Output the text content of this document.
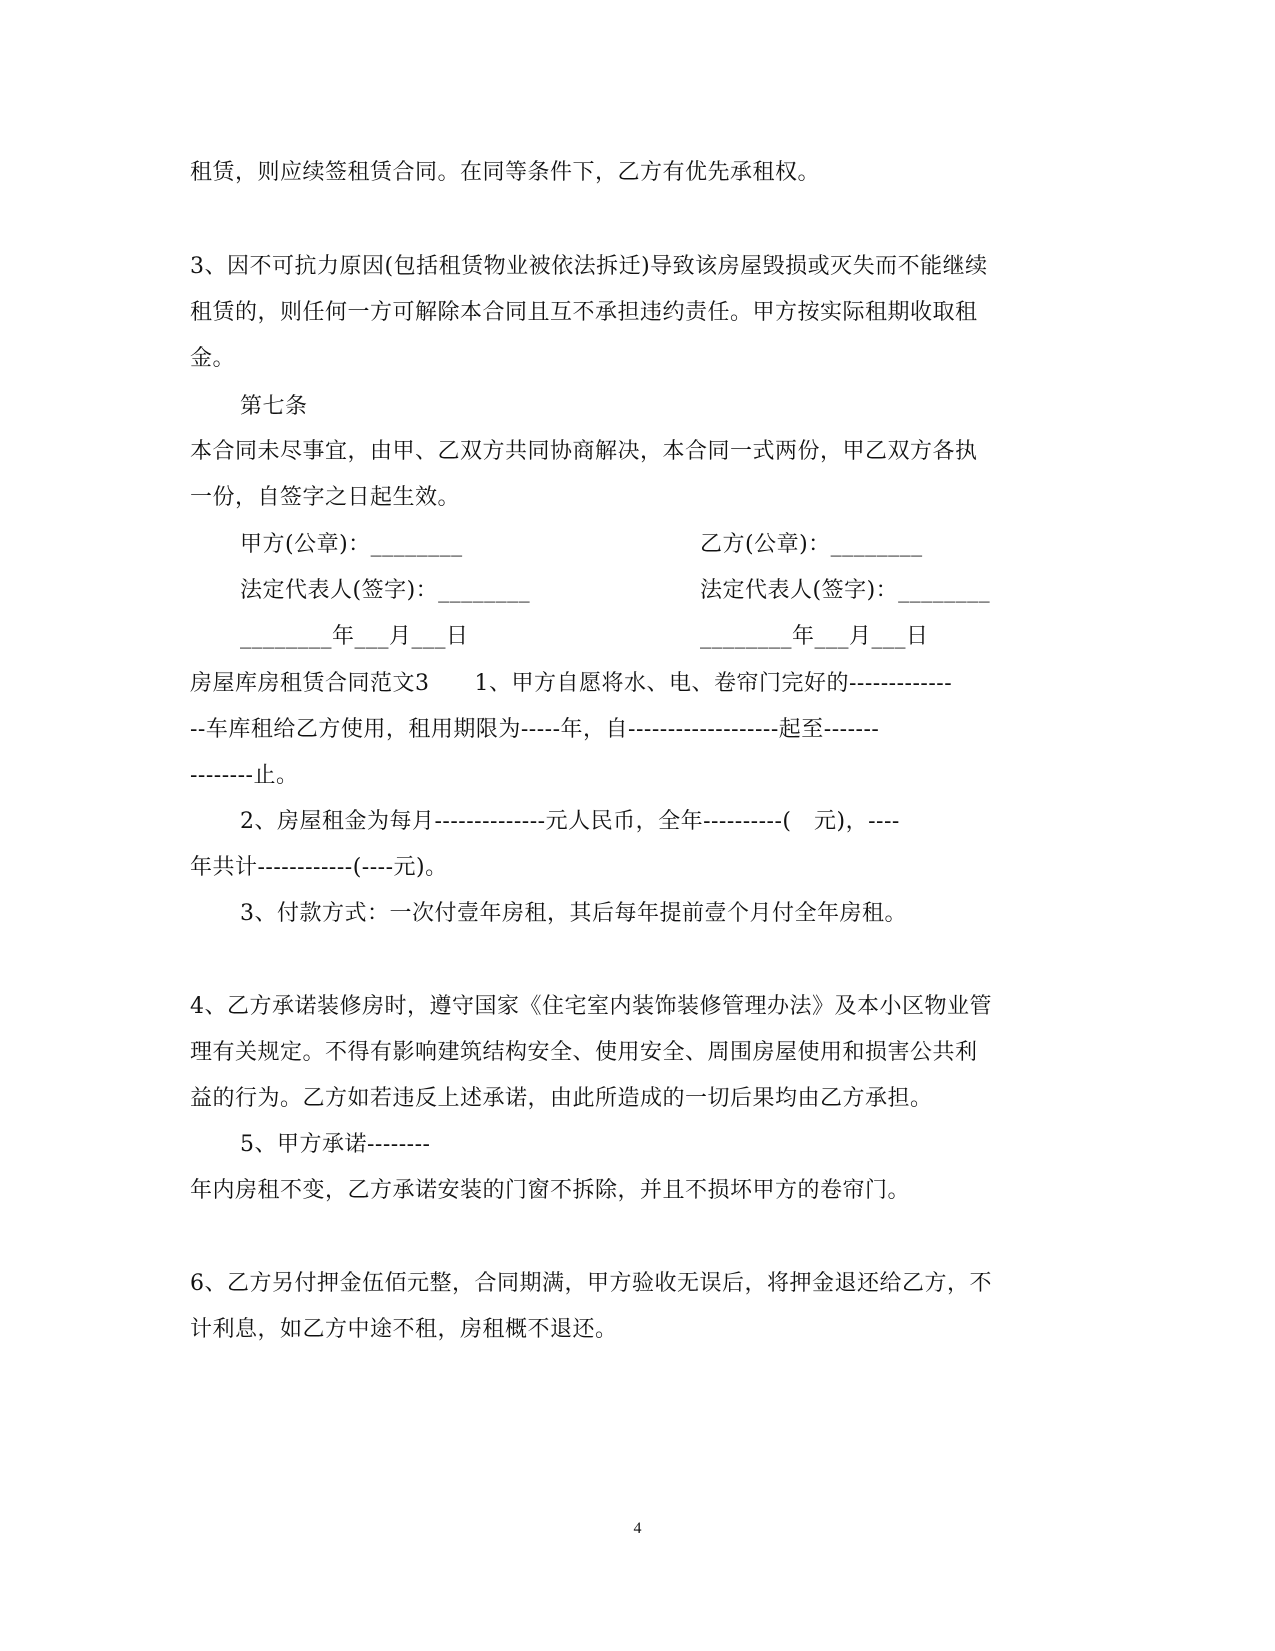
租赁，则应续签租赁合同。在同等条件下，乙方有优先承租权。
3、因不可抗力原因(包括租赁物业被依法拆迁)导致该房屋毁损或灭失而不能继续
租赁的，则任何一方可解除本合同且互不承担违约责任。甲方按实际租期收取租
金。
第七条
本合同未尽事宜，由甲、乙双方共同协商解决，本合同一式两份，甲乙双方各执
一份，自签字之日起生效。
甲方(公章)：________	乙方(公章)：________
法定代表人(签字)：________	法定代表人(签字)：________
________年___月___日	________年___月___日
房屋库房租赁合同范文3　　1、甲方自愿将水、电、卷帘门完好的-------------
--车库租给乙方使用，租用期限为-----年，自-------------------起至-------
--------止。
2、房屋租金为每月--------------元人民币，全年----------(　元)，----
年共计------------(----元)。
3、付款方式：一次付壹年房租，其后每年提前壹个月付全年房租。
4、乙方承诺装修房时，遵守国家《住宅室内装饰装修管理办法》及本小区物业管
理有关规定。不得有影响建筑结构安全、使用安全、周围房屋使用和损害公共利
益的行为。乙方如若违反上述承诺，由此所造成的一切后果均由乙方承担。
5、甲方承诺--------
年内房租不变，乙方承诺安装的门窗不拆除，并且不损坏甲方的卷帘门。
6、乙方另付押金伍佰元整，合同期满，甲方验收无误后，将押金退还给乙方，不
计利息，如乙方中途不租，房租概不退还。
4
